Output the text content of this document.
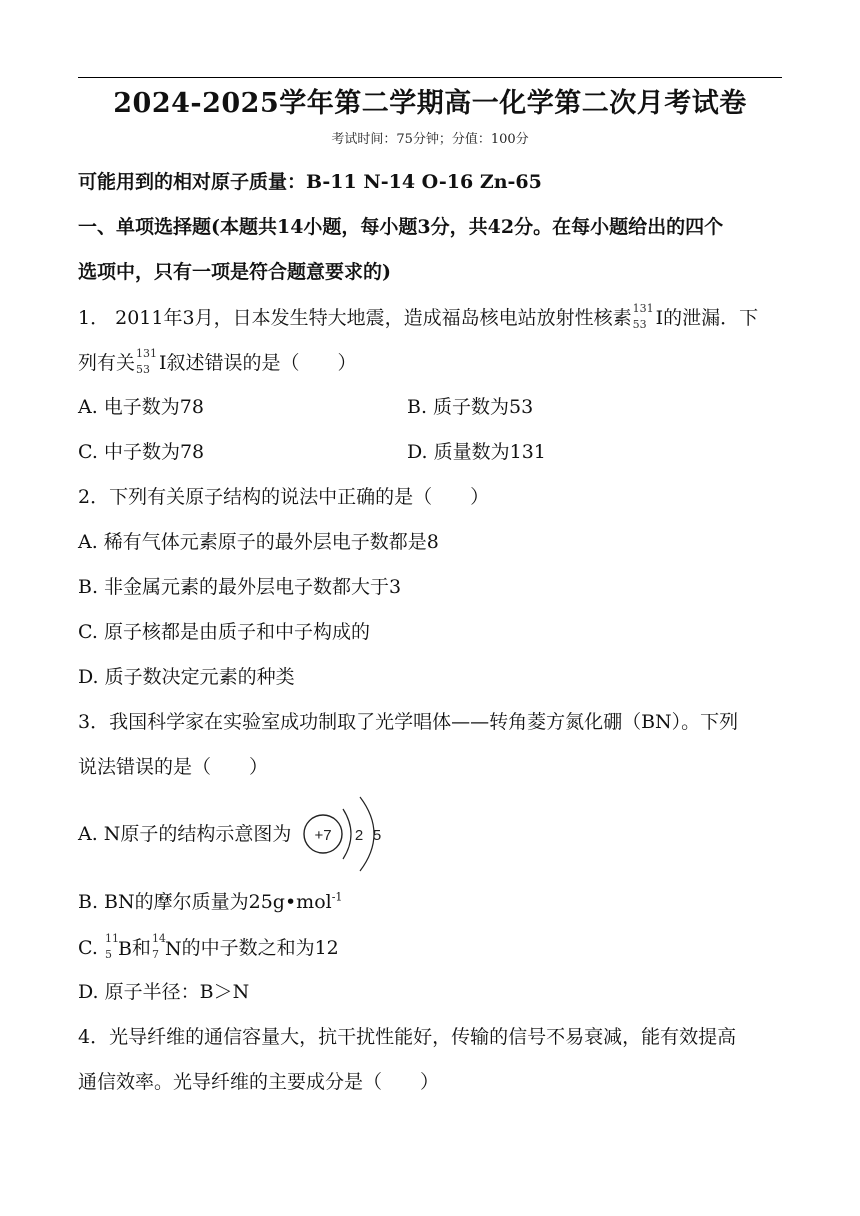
2024-2025学年第二学期高一化学第二次月考试卷
考试时间：75分钟；分值：100分
可能用到的相对原子质量：B-11 N-14 O-16 Zn-65
一、单项选择题(本题共14小题，每小题3分，共42分。在每小题给出的四个
选项中，只有一项是符合题意要求的)
1． 2011年3月，日本发生特大地震，造成福岛核电站放射性核素 131
53 I的泄漏．下
列有关 131
53 I叙述错误的是（　　）
A. 电子数为78	B. 质子数为53
C. 中子数为78	D. 质量数为131
2．下列有关原子结构的说法中正确的是（　　）
A. 稀有气体元素原子的最外层电子数都是8
B. 非金属元素的最外层电子数都大于3
C. 原子核都是由质子和中子构成的
D. 质子数决定元素的种类
3．我国科学家在实验室成功制取了光学唱体——转角菱方氮化硼（BN）。下列
说法错误的是（　　）
A. N原子的结构示意图为 +7 2 5
B. BN的摩尔质量为25g•mol$^{-1}$
C. 11
5 B和 14
7 N的中子数之和为12
D. 原子半径：B＞N
4．光导纤维的通信容量大，抗干扰性能好，传输的信号不易衰减，能有效提高
通信效率。光导纤维的主要成分是（　　）
